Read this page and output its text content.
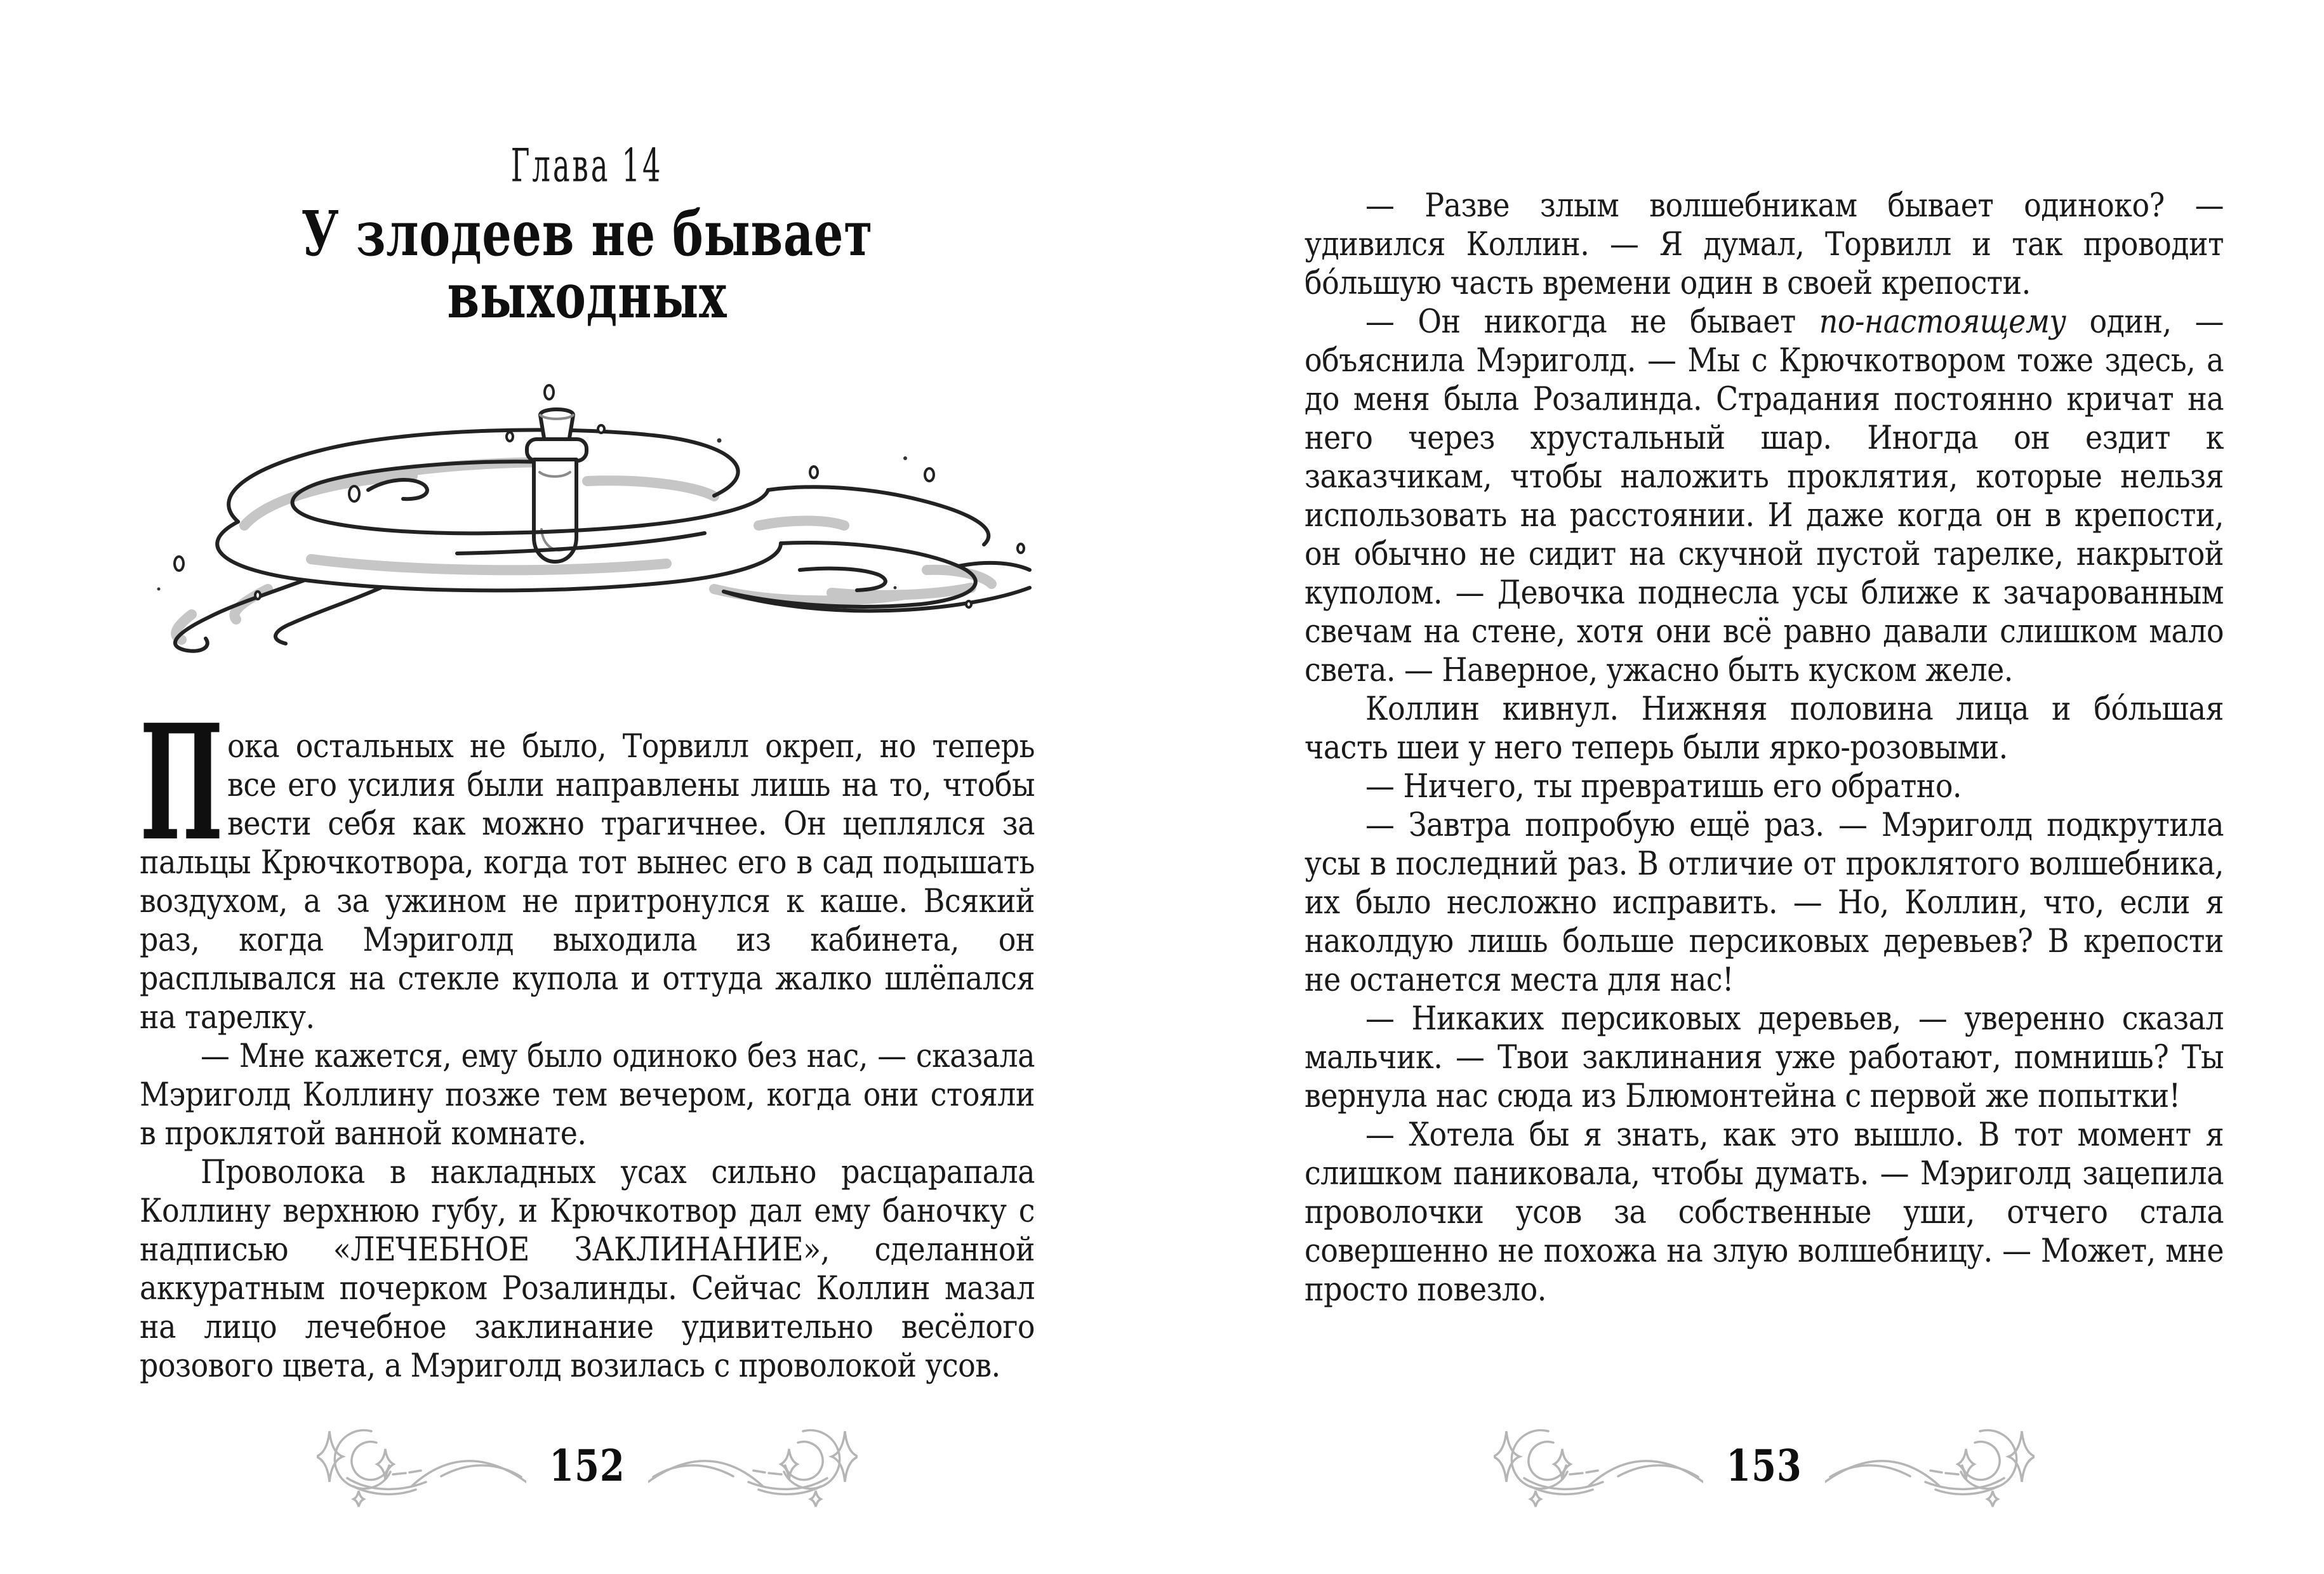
Глава 14
У злодеев не бывает
выходных

Пока остальных не было, Торвилл окреп, но теперь все его усилия были направлены лишь на то, чтобы вести себя как можно трагичнее. Он цеплялся за пальцы Крючкотвора, когда тот вынес его в сад подышать воздухом, а за ужином не притронулся к каше. Всякий раз, когда Мэриголд выходила из кабинета, он расплывался на стекле купола и оттуда жалко шлёпался на тарелку.

— Мне кажется, ему было одиноко без нас, — сказала Мэриголд Коллину позже тем вечером, когда они стояли в проклятой ванной комнате.

Проволока в накладных усах сильно расцарапала Коллину верхнюю губу, и Крючкотвор дал ему баночку с надписью «ЛЕЧЕБНОЕ ЗАКЛИНАНИЕ», сделанной аккуратным почерком Розалинды. Сейчас Коллин мазал на лицо лечебное заклинание удивительно весёлого розового цвета, а Мэриголд возилась с проволокой усов.

152

— Разве злым волшебникам бывает одиноко? — удивился Коллин. — Я думал, Торвилл и так проводит бо́льшую часть времени один в своей крепости.

— Он никогда не бывает по-настоящему один, — объяснила Мэриголд. — Мы с Крючкотвором тоже здесь, а до меня была Розалинда. Страдания постоянно кричат на него через хрустальный шар. Иногда он ездит к заказчикам, чтобы наложить проклятия, которые нельзя использовать на расстоянии. И даже когда он в крепости, он обычно не сидит на скучной пустой тарелке, накрытой куполом. — Девочка поднесла усы ближе к зачарованным свечам на стене, хотя они всё равно давали слишком мало света. — Наверное, ужасно быть куском желе.

Коллин кивнул. Нижняя половина лица и бо́льшая часть шеи у него теперь были ярко-розовыми.

— Ничего, ты превратишь его обратно.

— Завтра попробую ещё раз. — Мэриголд подкрутила усы в последний раз. В отличие от проклятого волшебника, их было несложно исправить. — Но, Коллин, что, если я наколдую лишь больше персиковых деревьев? В крепости не останется места для нас!

— Никаких персиковых деревьев, — уверенно сказал мальчик. — Твои заклинания уже работают, помнишь? Ты вернула нас сюда из Блюмонтейна с первой же попытки!

— Хотела бы я знать, как это вышло. В тот момент я слишком паниковала, чтобы думать. — Мэриголд зацепила проволочки усов за собственные уши, отчего стала совершенно не похожа на злую волшебницу. — Может, мне просто повезло.

153
